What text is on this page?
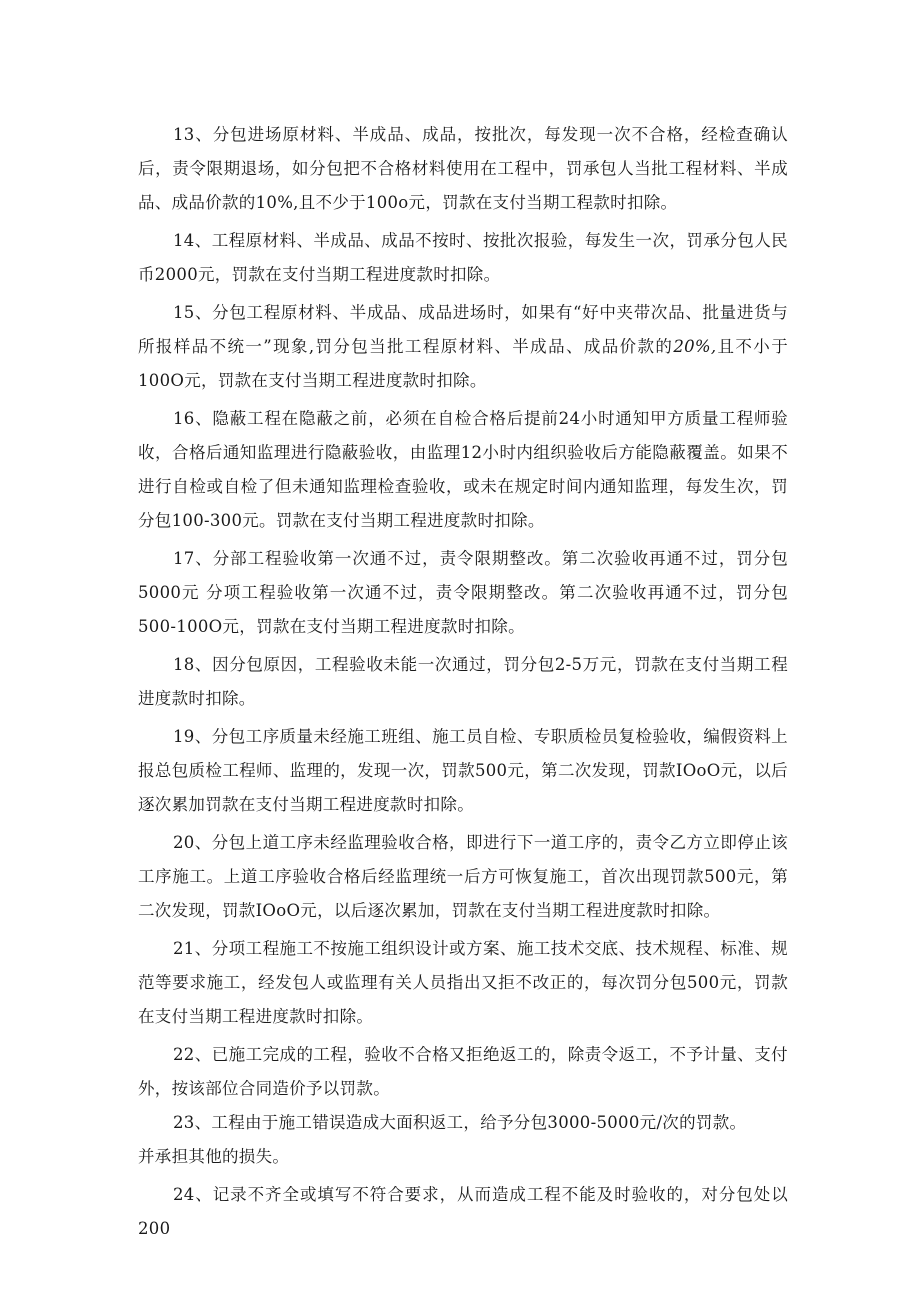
13、分包进场原材料、半成品、成品，按批次，每发现一次不合格，经检查确认后，责令限期退场，如分包把不合格材料使用在工程中，罚承包人当批工程材料、半成品、成品价款的10%,且不少于100o元，罚款在支付当期工程款时扣除。

14、工程原材料、半成品、成品不按时、按批次报验，每发生一次，罚承分包人民币2000元，罚款在支付当期工程进度款时扣除。

15、分包工程原材料、半成品、成品进场时，如果有“好中夹带次品、批量进货与所报样品不统一”现象,罚分包当批工程原材料、半成品、成品价款的20%,且不小于100O元，罚款在支付当期工程进度款时扣除。

16、隐蔽工程在隐蔽之前，必须在自检合格后提前24小时通知甲方质量工程师验收，合格后通知监理进行隐蔽验收，由监理12小时内组织验收后方能隐蔽覆盖。如果不进行自检或自检了但未通知监理检查验收，或未在规定时间内通知监理，每发生次，罚分包100-300元。罚款在支付当期工程进度款时扣除。

17、分部工程验收第一次通不过，责令限期整改。第二次验收再通不过，罚分包5000元 分项工程验收第一次通不过，责令限期整改。第二次验收再通不过，罚分包500-100O元，罚款在支付当期工程进度款时扣除。

18、因分包原因，工程验收未能一次通过，罚分包2-5万元，罚款在支付当期工程进度款时扣除。

19、分包工序质量未经施工班组、施工员自检、专职质检员复检验收，编假资料上报总包质检工程师、监理的，发现一次，罚款500元，第二次发现，罚款IOoO元，以后逐次累加罚款在支付当期工程进度款时扣除。

20、分包上道工序未经监理验收合格，即进行下一道工序的，责令乙方立即停止该工序施工。上道工序验收合格后经监理统一后方可恢复施工，首次出现罚款500元，第二次发现，罚款IOoO元，以后逐次累加，罚款在支付当期工程进度款时扣除。

21、分项工程施工不按施工组织设计或方案、施工技术交底、技术规程、标准、规范等要求施工，经发包人或监理有关人员指出又拒不改正的，每次罚分包500元，罚款在支付当期工程进度款时扣除。

22、已施工完成的工程，验收不合格又拒绝返工的，除责令返工，不予计量、支付外，按该部位合同造价予以罚款。

23、工程由于施工错误造成大面积返工，给予分包3000-5000元/次的罚款。

并承担其他的损失。

24、记录不齐全或填写不符合要求，从而造成工程不能及时验收的，对分包处以200
